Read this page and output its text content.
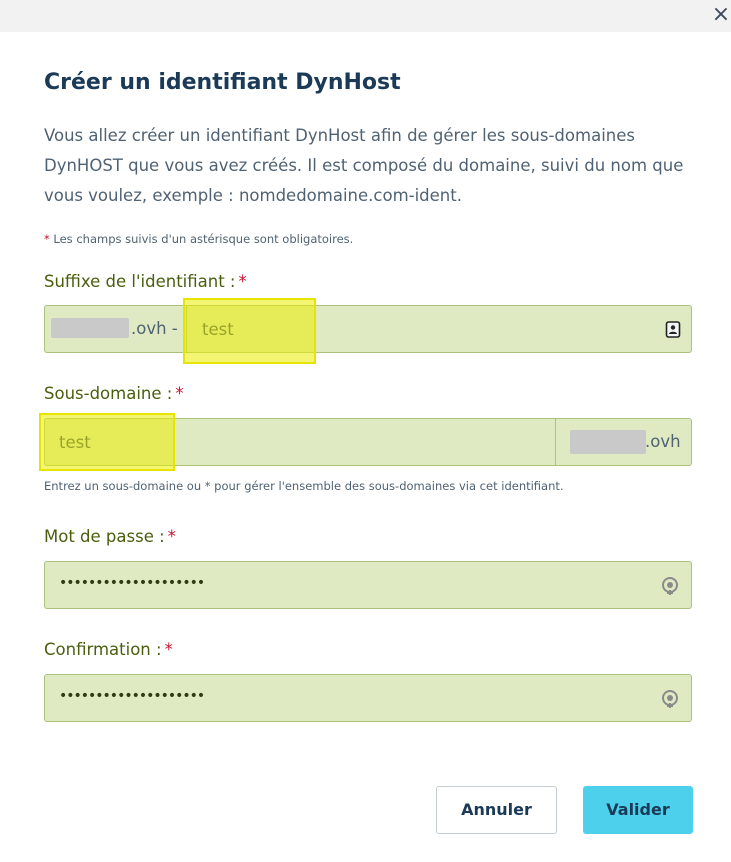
×
Créer un identifiant DynHost
Vous allez créer un identifiant DynHost afin de gérer les sous-domaines DynHOST que vous avez créés. Il est composé du domaine, suivi du nom que vous voulez, exemple : nomdedomaine.com-ident.
* Les champs suivis d'un astérisque sont obligatoires.
Suffixe de l'identifiant : *
.ovh -
Sous-domaine : *
.ovh
Entrez un sous-domaine ou * pour gérer l'ensemble des sous-domaines via cet identifiant.
Mot de passe : *
••••••••••••••••••••
Confirmation : *
••••••••••••••••••••
Annuler	Valider
